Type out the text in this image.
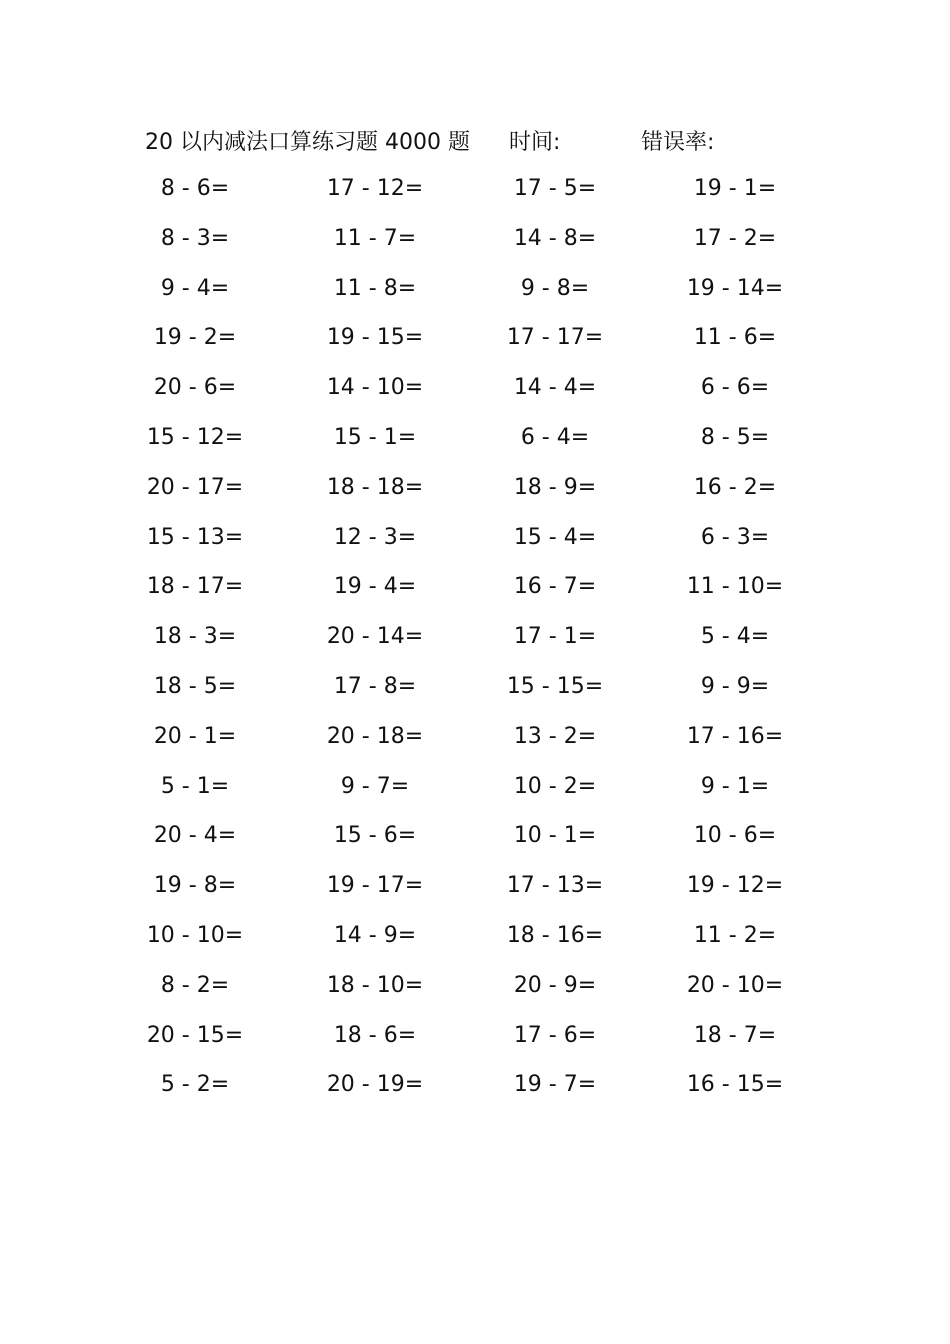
20 以内减法口算练习题 4000 题 时间:	错误率:
8 - 6=
8 - 3=
9 - 4=
19 - 2=
20 - 6=
15 - 12=
20 - 17=
15 - 13=
18 - 17=
18 - 3=
18 - 5=
20 - 1=
5 - 1=
20 - 4=
19 - 8=
10 - 10=
8 - 2=
20 - 15=
5 - 2=
17 - 12=
11 - 7=
11 - 8=
19 - 15=
14 - 10=
15 - 1=
18 - 18=
12 - 3=
19 - 4=
20 - 14=
17 - 8=
20 - 18=
9 - 7=
15 - 6=
19 - 17=
14 - 9=
18 - 10=
18 - 6=
20 - 19=
17 - 5=
14 - 8=
9 - 8=
17 - 17=
14 - 4=
6 - 4=
18 - 9=
15 - 4=
16 - 7=
17 - 1=
15 - 15=
13 - 2=
10 - 2=
10 - 1=
17 - 13=
18 - 16=
20 - 9=
17 - 6=
19 - 7=
19 - 1=
17 - 2=
19 - 14=
11 - 6=
6 - 6=
8 - 5=
16 - 2=
6 - 3=
11 - 10=
5 - 4=
9 - 9=
17 - 16=
9 - 1=
10 - 6=
19 - 12=
11 - 2=
20 - 10=
18 - 7=
16 - 15=
